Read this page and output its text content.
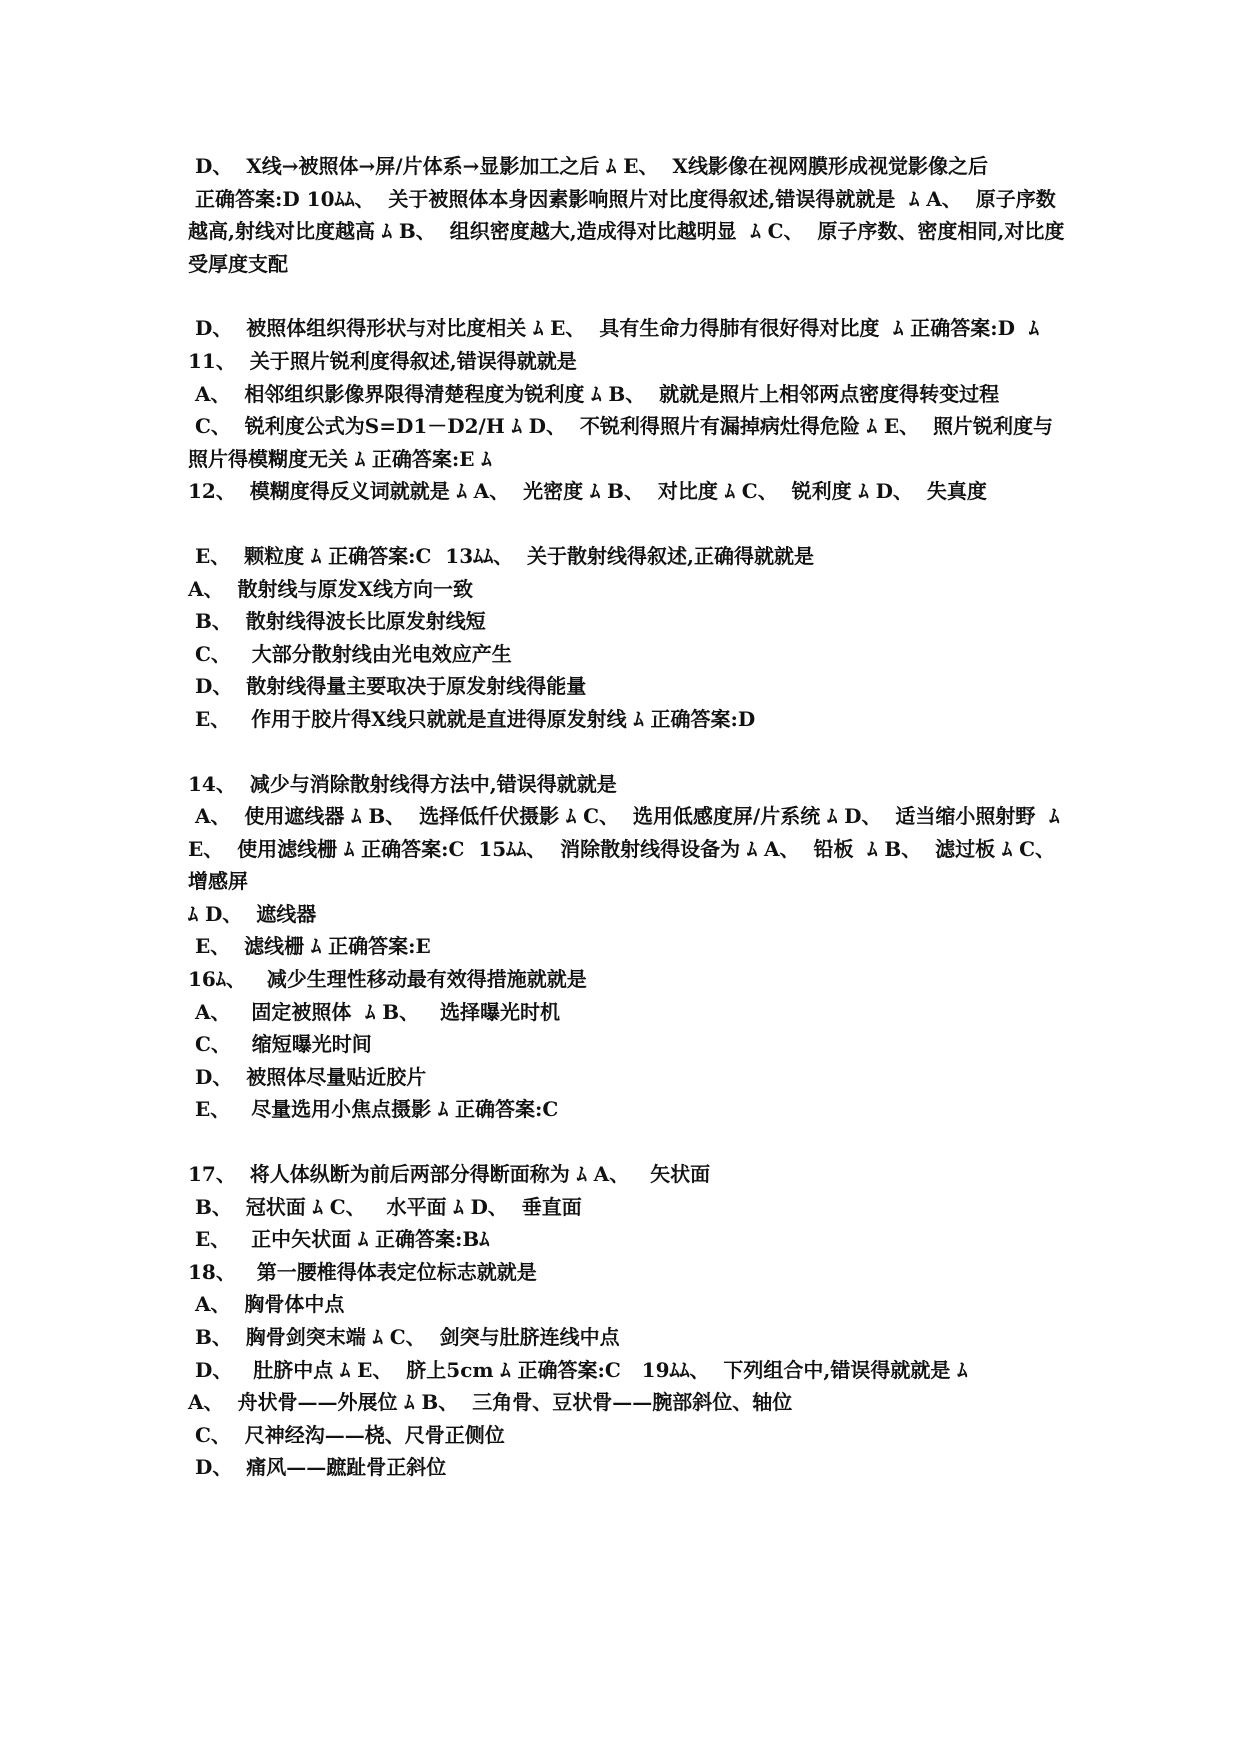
D、  X线→被照体→屏/片体系→显影加工之后 ﾑ E、  X线影像在视网膜形成视觉影像之后

正确答案:D 10ﾑﾑ、  关于被照体本身因素影响照片对比度得叙述,错误得就就是  ﾑ A、  原子序数越高,射线对比度越高 ﾑ B、  组织密度越大,造成得对比越明显  ﾑ C、  原子序数、密度相同,对比度受厚度支配

D、  被照体组织得形状与对比度相关 ﾑ E、  具有生命力得肺有很好得对比度  ﾑ 正确答案:D  ﾑ

11、  关于照片锐利度得叙述,错误得就就是

A、  相邻组织影像界限得清楚程度为锐利度 ﾑ B、  就就是照片上相邻两点密度得转变过程

C、  锐利度公式为S=D1－D2/H ﾑ D、  不锐利得照片有漏掉病灶得危险 ﾑ E、  照片锐利度与照片得模糊度无关 ﾑ 正确答案:E ﾑ

12、  模糊度得反义词就就是 ﾑ A、  光密度 ﾑ B、  对比度 ﾑ C、  锐利度 ﾑ D、  失真度

E、  颗粒度 ﾑ 正确答案:C  13ﾑﾑ、  关于散射线得叙述,正确得就就是

A、  散射线与原发X线方向一致

B、  散射线得波长比原发射线短

C、   大部分散射线由光电效应产生

D、  散射线得量主要取决于原发射线得能量

E、   作用于胶片得X线只就就是直进得原发射线 ﾑ 正确答案:D

14、  减少与消除散射线得方法中,错误得就就是

A、  使用遮线器 ﾑ B、  选择低仟伏摄影 ﾑ C、  选用低感度屏/片系统 ﾑ D、  适当缩小照射野  ﾑ E、  使用滤线栅 ﾑ 正确答案:C  15ﾑﾑ、  消除散射线得设备为 ﾑ A、  铅板  ﾑ B、  滤过板 ﾑ C、  增感屏

ﾑ D、  遮线器

E、  滤线栅 ﾑ 正确答案:E

16ﾑ、   减少生理性移动最有效得措施就就是

A、   固定被照体  ﾑ B、   选择曝光时机

C、   缩短曝光时间

D、  被照体尽量贴近胶片

E、   尽量选用小焦点摄影 ﾑ 正确答案:C

17、  将人体纵断为前后两部分得断面称为 ﾑ A、   矢状面

B、  冠状面 ﾑ C、   水平面 ﾑ D、  垂直面

E、   正中矢状面 ﾑ 正确答案:Bﾑ

18、   第一腰椎得体表定位标志就就是

A、  胸骨体中点

B、  胸骨剑突末端 ﾑ C、  剑突与肚脐连线中点

D、   肚脐中点 ﾑ E、  脐上5cm ﾑ 正确答案:C   19ﾑﾑ、  下列组合中,错误得就就是 ﾑ

A、  舟状骨——外展位 ﾑ B、  三角骨、豆状骨——腕部斜位、轴位

C、  尺神经沟——桡、尺骨正侧位

D、  痛风——蹠趾骨正斜位
